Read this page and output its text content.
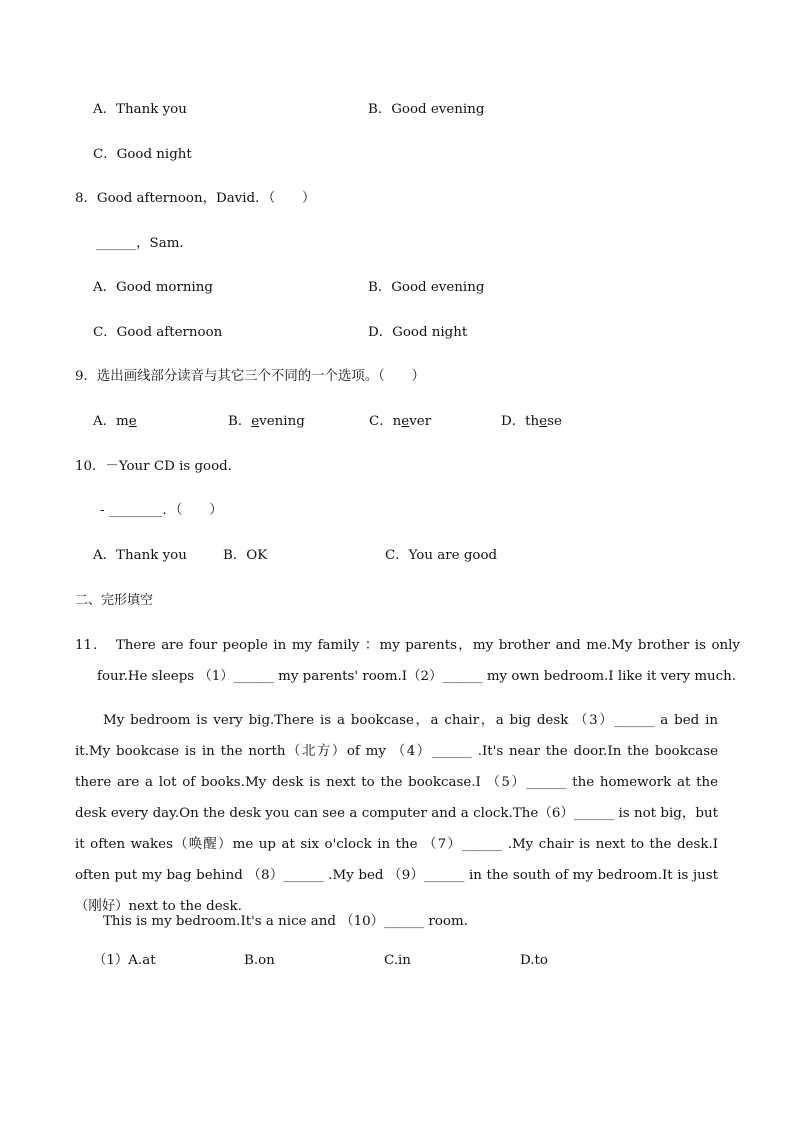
A．Thank you	B．Good evening
C．Good night
8．Good afternoon，David．（　　）
______，Sam．
A．Good morning	B．Good evening
C．Good afternoon	D．Good night
9．选出画线部分读音与其它三个不同的一个选项。（　　）
A．me	B．evening	C．never	D．these
10．－Your CD is good．
- ________．（　　）
A．Thank you	B．OK	C．You are good
二、完形填空
11．　There are four people in my family ：my parents，my brother and me.My brother is only four.He sleeps （1）______ my parents' room.I（2）______ my own bedroom.I like it very much.
My bedroom is very big.There is a bookcase，a chair，a big desk （3）______ a bed in it.My bookcase is in the north（北方）of my （4）______ .It's near the door.In the bookcase there are a lot of books.My desk is next to the bookcase.I （5）______ the homework at the desk every day.On the desk you can see a computer and a clock.The（6）______ is not big，but it often wakes（唤醒）me up at six o'clock in the （7）______ .My chair is next to the desk.I often put my bag behind （8）______ .My bed （9）______ in the south of my bedroom.It is just（刚好）next to the desk.
This is my bedroom.It's a nice and （10）______ room.
（1）A.at	B.on	C.in	D.to
